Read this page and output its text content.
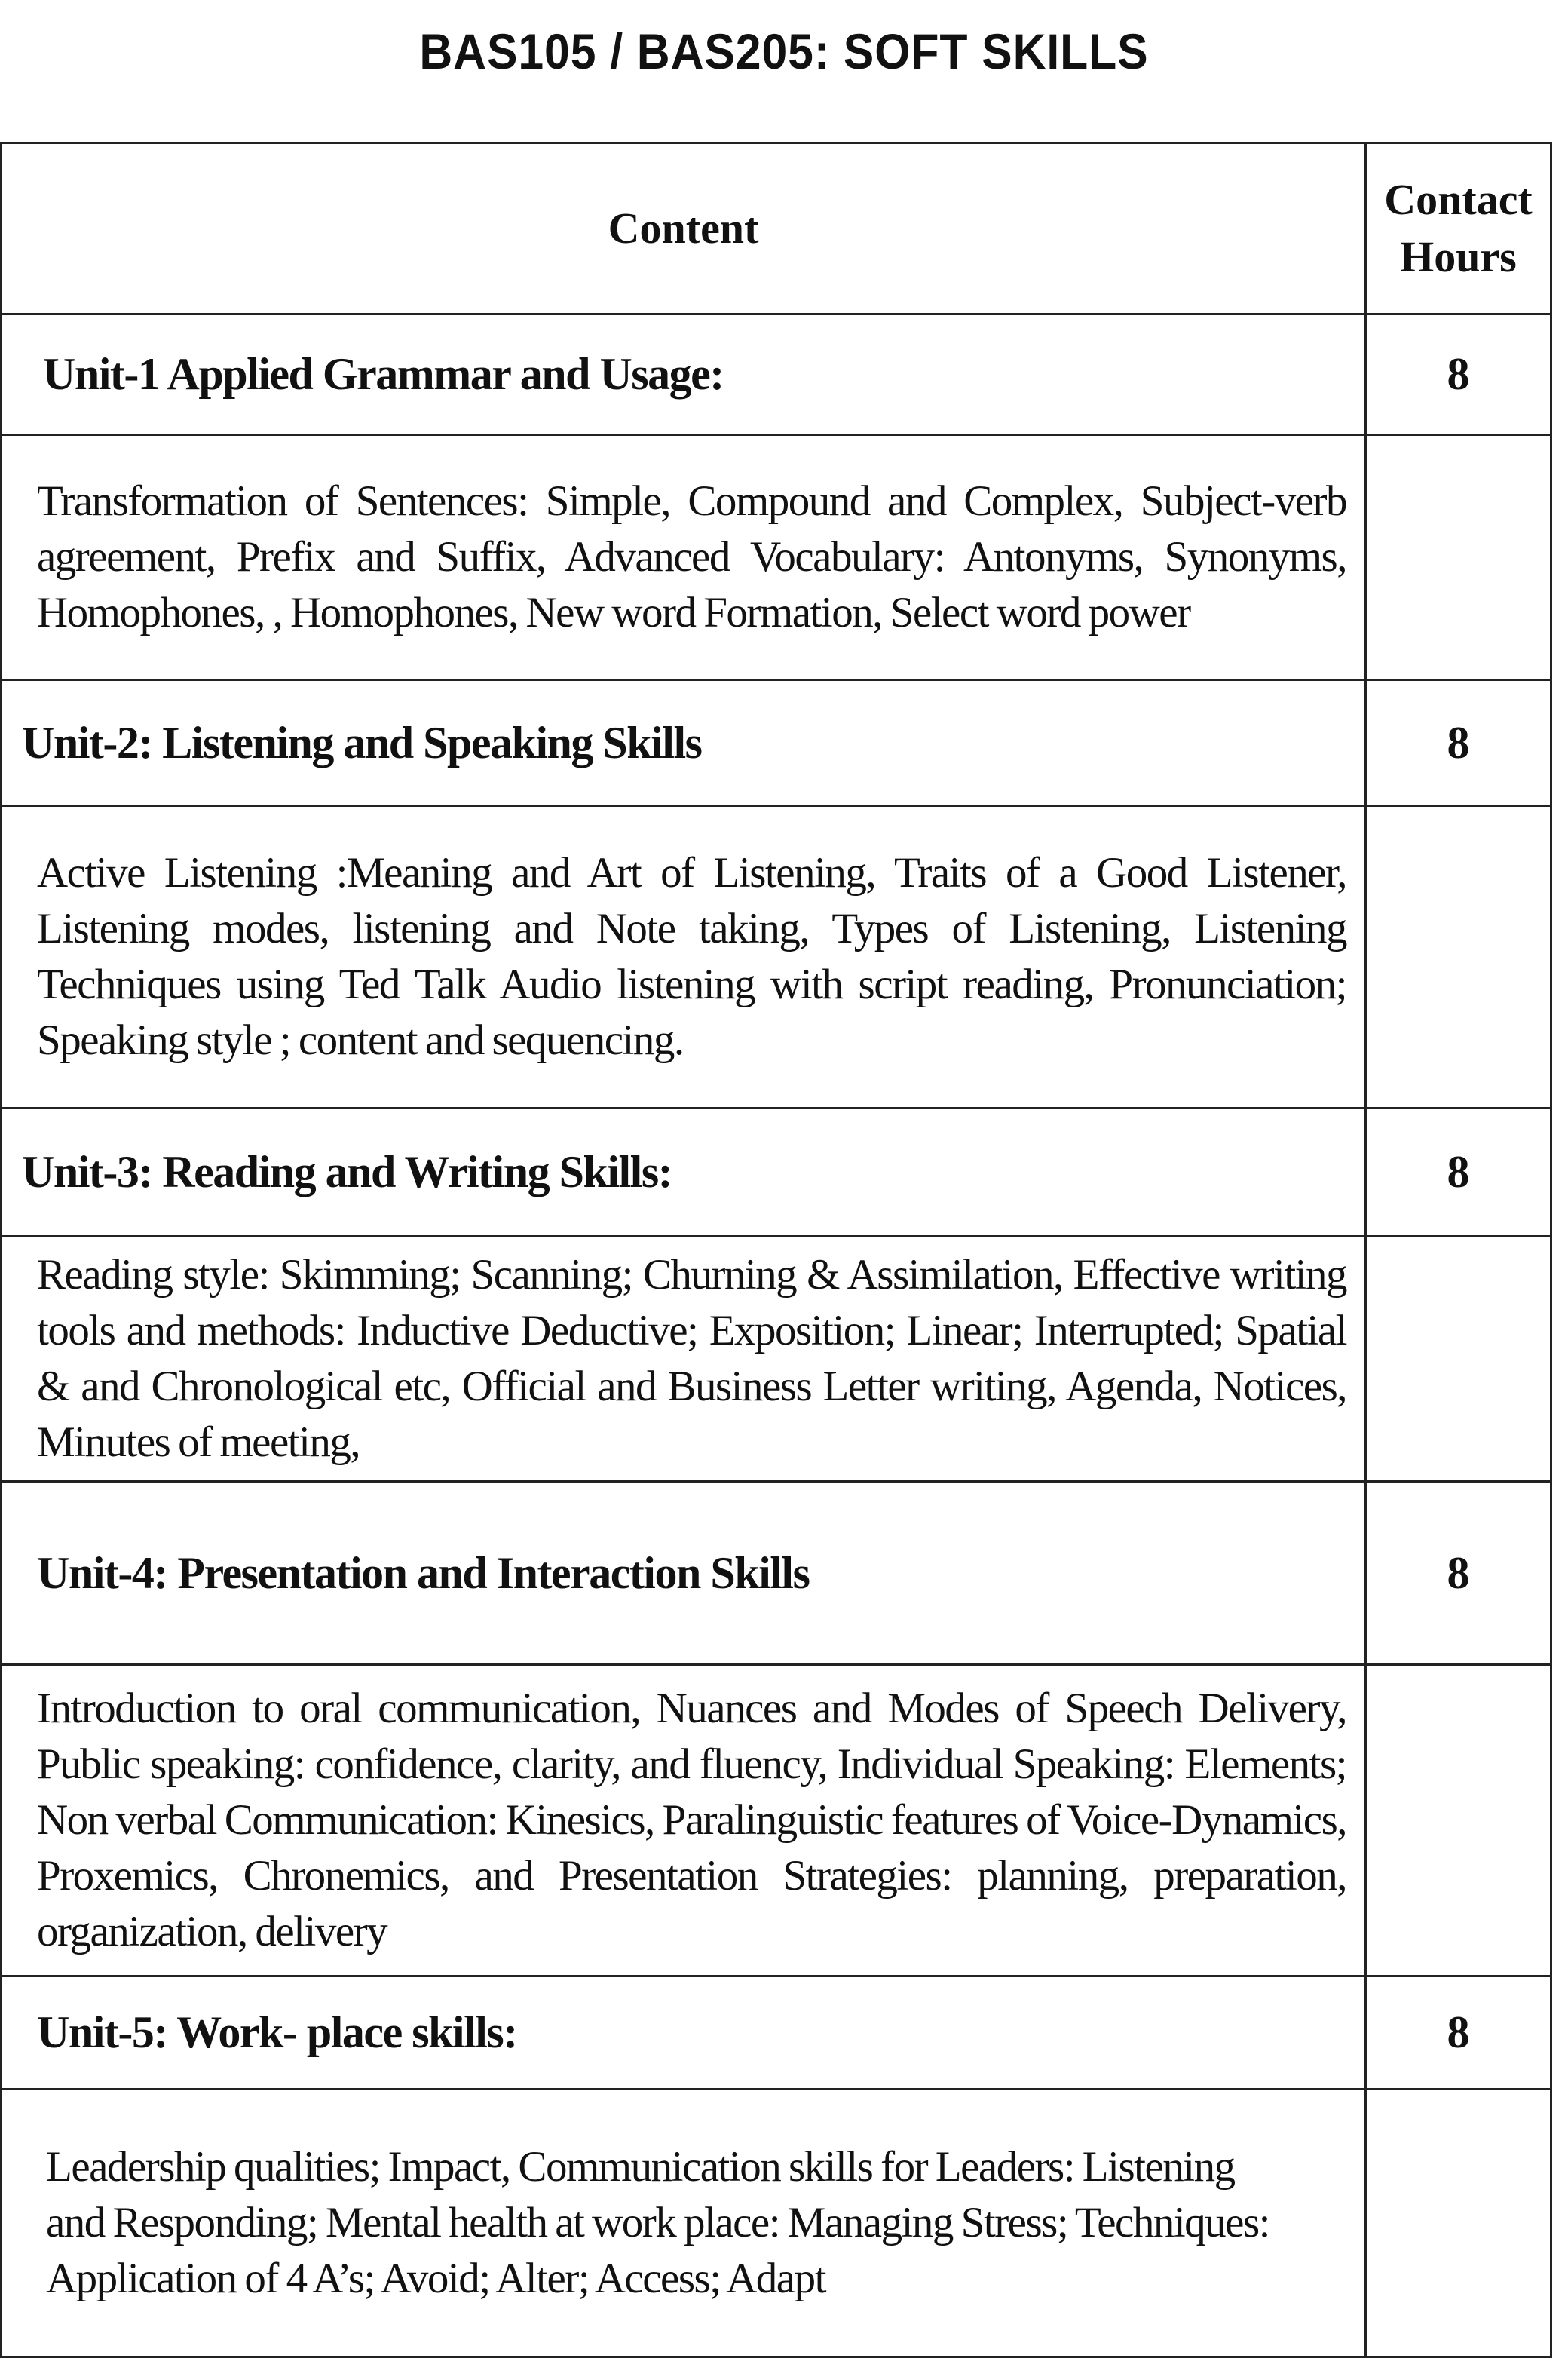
BAS105 / BAS205: SOFT SKILLS
Content	Contact
Hours

Unit-1 Applied Grammar and Usage:	8
Transformation of Sentences: Simple, Compound and Complex, Subject-verb agreement, Prefix and Suffix, Advanced Vocabulary: Antonyms, Synonyms, Homophones, , Homophones, New word Formation, Select word power	
Unit-2: Listening and Speaking Skills	8
Active Listening :Meaning and Art of Listening, Traits of a Good Listener, Listening modes, listening and Note taking, Types of Listening, Listening Techniques using Ted Talk Audio listening with script reading, Pronunciation; Speaking style ; content and sequencing.	
Unit-3: Reading and Writing Skills:	8
Reading style: Skimming; Scanning; Churning & Assimilation, Effective writing tools and methods: Inductive Deductive; Exposition; Linear; Interrupted; Spatial & and Chronological etc, Official and Business Letter writing, Agenda, Notices, Minutes of meeting,	
Unit-4: Presentation and Interaction Skills	8
Introduction to oral communication, Nuances and Modes of Speech Delivery, Public speaking: confidence, clarity, and fluency, Individual Speaking: Elements; Non verbal Communication: Kinesics, Paralinguistic features of Voice-Dynamics, Proxemics, Chronemics, and Presentation Strategies: planning, preparation, organization, delivery	
Unit-5: Work- place skills:	8
Leadership qualities; Impact, Communication skills for Leaders: Listening and Responding; Mental health at work place: Managing Stress; Techniques: Application of 4 A’s; Avoid; Alter; Access; Adapt	
